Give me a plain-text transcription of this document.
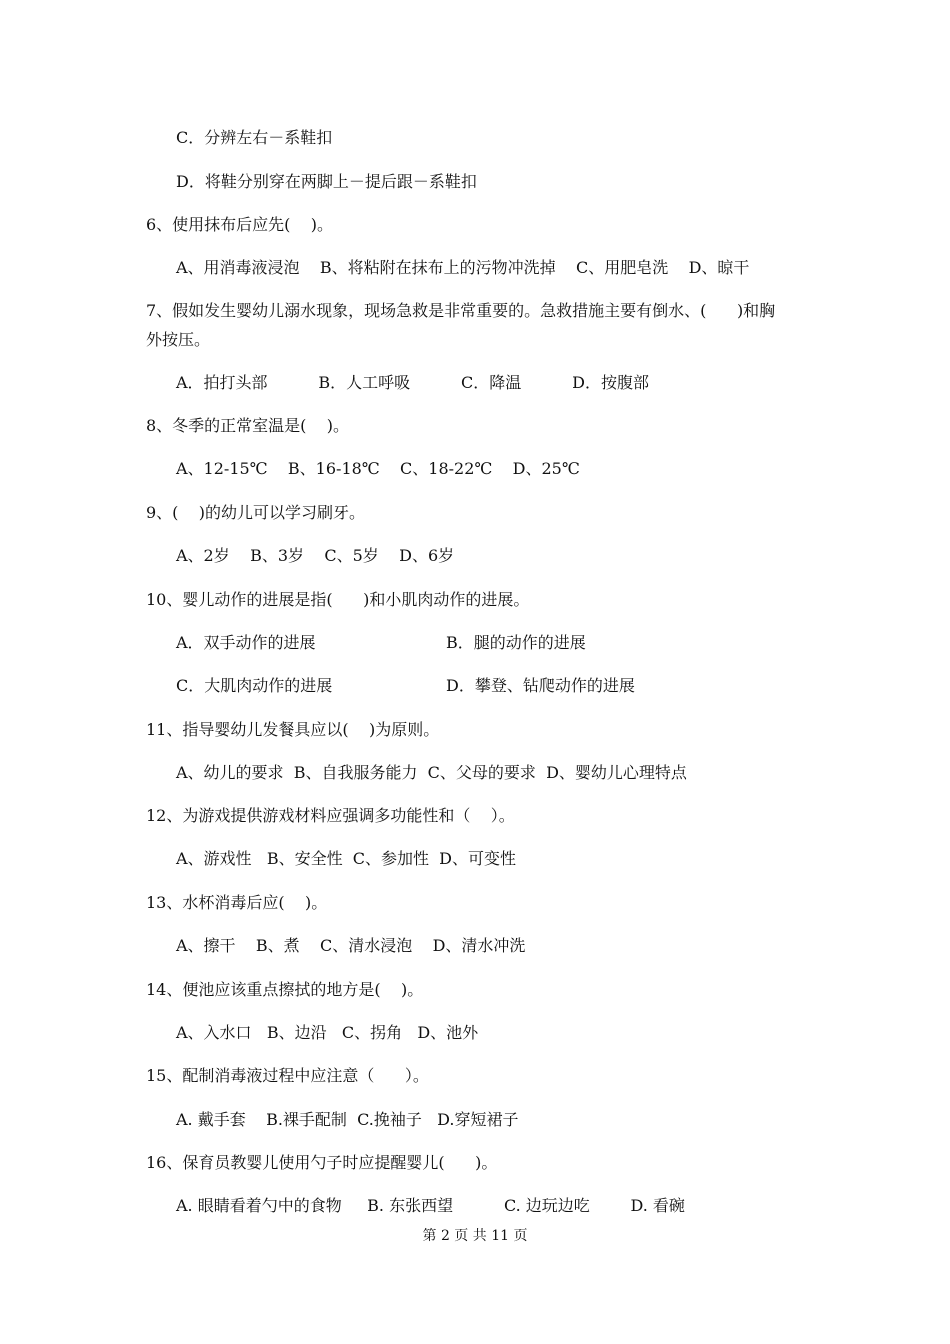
C．分辨左右－系鞋扣
D．将鞋分别穿在两脚上－提后跟－系鞋扣
6、使用抹布后应先(    )。
A、用消毒液浸泡    B、将粘附在抹布上的污物冲洗掉    C、用肥皂洗    D、晾干
7、假如发生婴幼儿溺水现象，现场急救是非常重要的。急救措施主要有倒水、(      )和胸
外按压。
A．拍打头部          B．人工呼吸          C．降温          D．按腹部
8、冬季的正常室温是(    )。
A、12-15℃    B、16-18℃    C、18-22℃    D、25℃
9、(    )的幼儿可以学习刷牙。
A、2岁    B、3岁    C、5岁    D、6岁
10、婴儿动作的进展是指(      )和小肌肉动作的进展。
A．双手动作的进展	B．腿的动作的进展
C．大肌肉动作的进展	D．攀登、钻爬动作的进展
11、指导婴幼儿发餐具应以(    )为原则。
A、幼儿的要求  B、自我服务能力  C、父母的要求  D、婴幼儿心理特点
12、为游戏提供游戏材料应强调多功能性和（    ）。
A、游戏性   B、安全性  C、参加性  D、可变性
13、水杯消毒后应(    )。
A、擦干    B、煮    C、清水浸泡    D、清水冲洗
14、便池应该重点擦拭的地方是(    )。
A、入水口   B、边沿   C、拐角   D、池外
15、配制消毒液过程中应注意（      ）。
A. 戴手套    B.裸手配制  C.挽袖子   D.穿短裙子
16、保育员教婴儿使用勺子时应提醒婴儿(      )。
A. 眼睛看着勺中的食物     B. 东张西望          C. 边玩边吃        D. 看碗
第 2 页 共 11 页
